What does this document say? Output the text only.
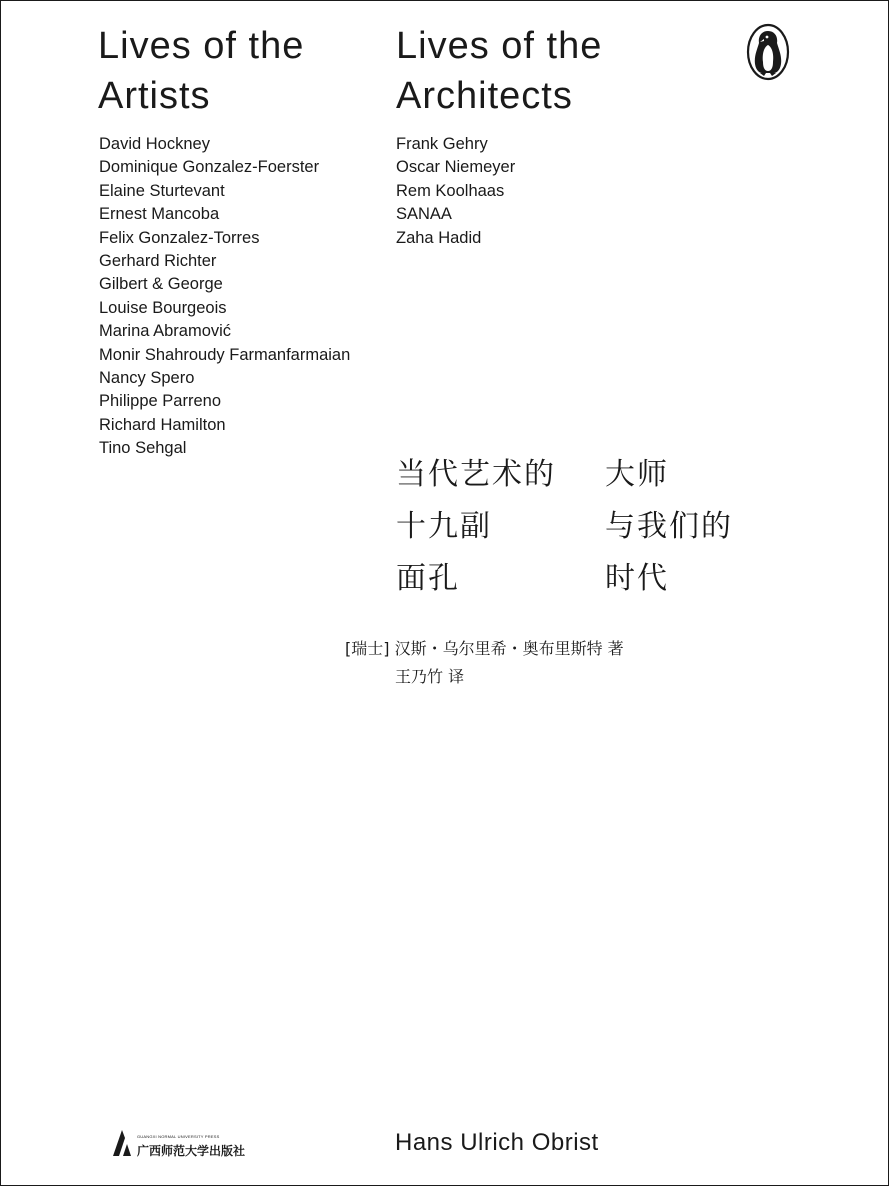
Lives of the
Artists
Lives of the
Architects
David Hockney
Dominique Gonzalez-Foerster
Elaine Sturtevant
Ernest Mancoba
Felix Gonzalez-Torres
Gerhard Richter
Gilbert & George
Louise Bourgeois
Marina Abramović
Monir Shahroudy Farmanfarmaian
Nancy Spero
Philippe Parreno
Richard Hamilton
Tino Sehgal
Frank Gehry
Oscar Niemeyer
Rem Koolhaas
SANAA
Zaha Hadid
当代艺术的
十九副
面孔
大师
与我们的
时代
[瑞士] 汉斯・乌尔里希・奥布里斯特 著
王乃竹 译
GUANGXI NORMAL UNIVERSITY PRESS
广西师范大学出版社	Hans Ulrich Obrist
